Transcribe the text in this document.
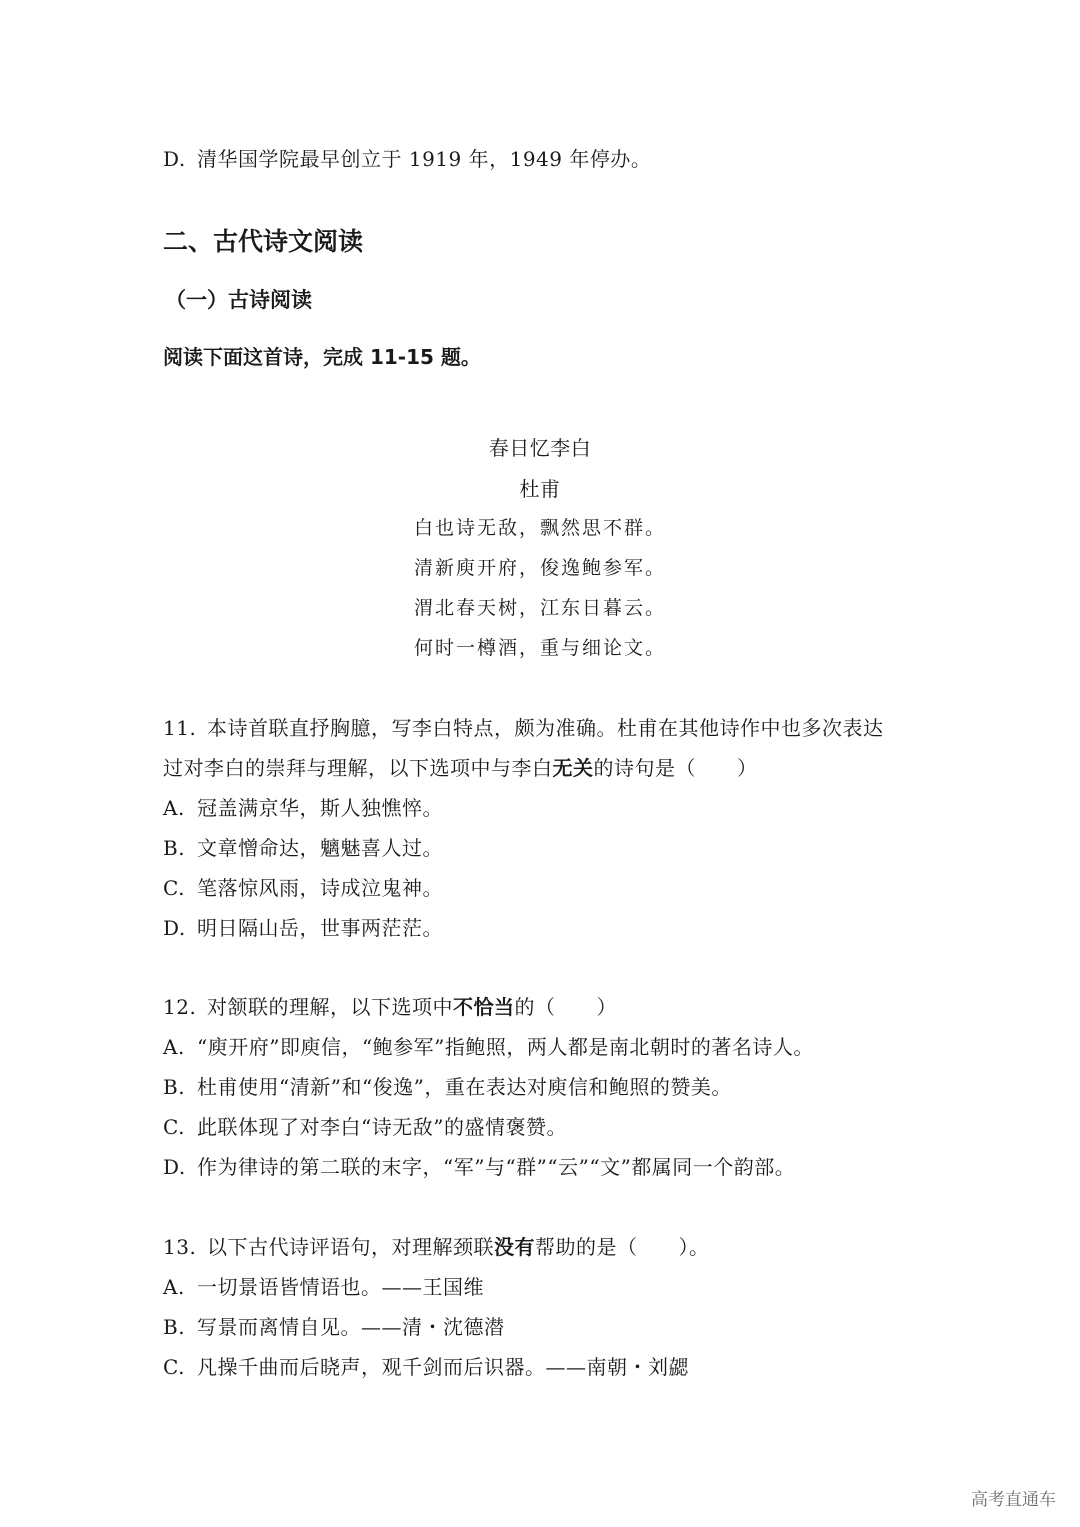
D. 清华国学院最早创立于 1919 年，1949 年停办。
二、古代诗文阅读
（一）古诗阅读
阅读下面这首诗，完成 11-15 题。
春日忆李白
杜甫
白也诗无敌，飘然思不群。
清新庾开府，俊逸鲍参军。
渭北春天树，江东日暮云。
何时一樽酒，重与细论文。
11. 本诗首联直抒胸臆，写李白特点，颇为准确。杜甫在其他诗作中也多次表达
过对李白的崇拜与理解，以下选项中与李白无关的诗句是（　　）
A. 冠盖满京华，斯人独憔悴。
B. 文章憎命达，魑魅喜人过。
C. 笔落惊风雨，诗成泣鬼神。
D. 明日隔山岳，世事两茫茫。
12. 对颔联的理解，以下选项中不恰当的（　　）
A. “庾开府”即庾信，“鲍参军”指鲍照，两人都是南北朝时的著名诗人。
B. 杜甫使用“清新”和“俊逸”，重在表达对庾信和鲍照的赞美。
C. 此联体现了对李白“诗无敌”的盛情褒赞。
D. 作为律诗的第二联的末字，“军”与“群”“云”“文”都属同一个韵部。
13. 以下古代诗评语句，对理解颈联没有帮助的是（　　）。
A. 一切景语皆情语也。——王国维
B. 写景而离情自见。——清・沈德潜
C. 凡操千曲而后晓声，观千剑而后识器。——南朝・刘勰
高考直通车
